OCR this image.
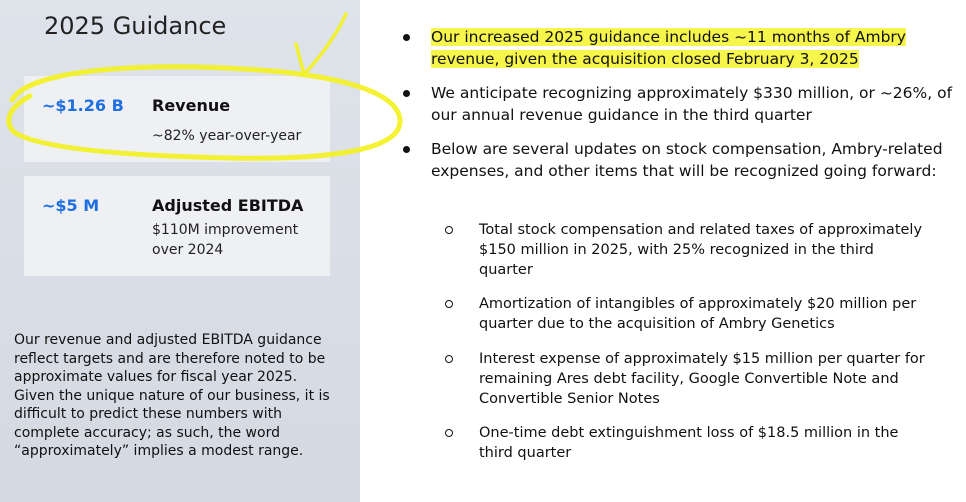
2025 Guidance
~$1.26 B Revenue
~82% year-over-year
~$5 M	Adjusted EBITDA
$110M improvement over 2024
Our revenue and adjusted EBITDA guidance reflect targets and are therefore noted to be approximate values for fiscal year 2025. Given the unique nature of our business, it is difficult to predict these numbers with complete accuracy; as such, the word “approximately” implies a modest range.
Our increased 2025 guidance includes ~11 months of Ambry revenue, given the acquisition closed February 3, 2025
We anticipate recognizing approximately $330 million, or ~26%, of our annual revenue guidance in the third quarter
Below are several updates on stock compensation, Ambry-related expenses, and other items that will be recognized going forward:
Total stock compensation and related taxes of approximately $150 million in 2025, with 25% recognized in the third quarter
Amortization of intangibles of approximately $20 million per quarter due to the acquisition of Ambry Genetics
Interest expense of approximately $15 million per quarter for remaining Ares debt facility, Google Convertible Note and Convertible Senior Notes
One-time debt extinguishment loss of $18.5 million in the third quarter
